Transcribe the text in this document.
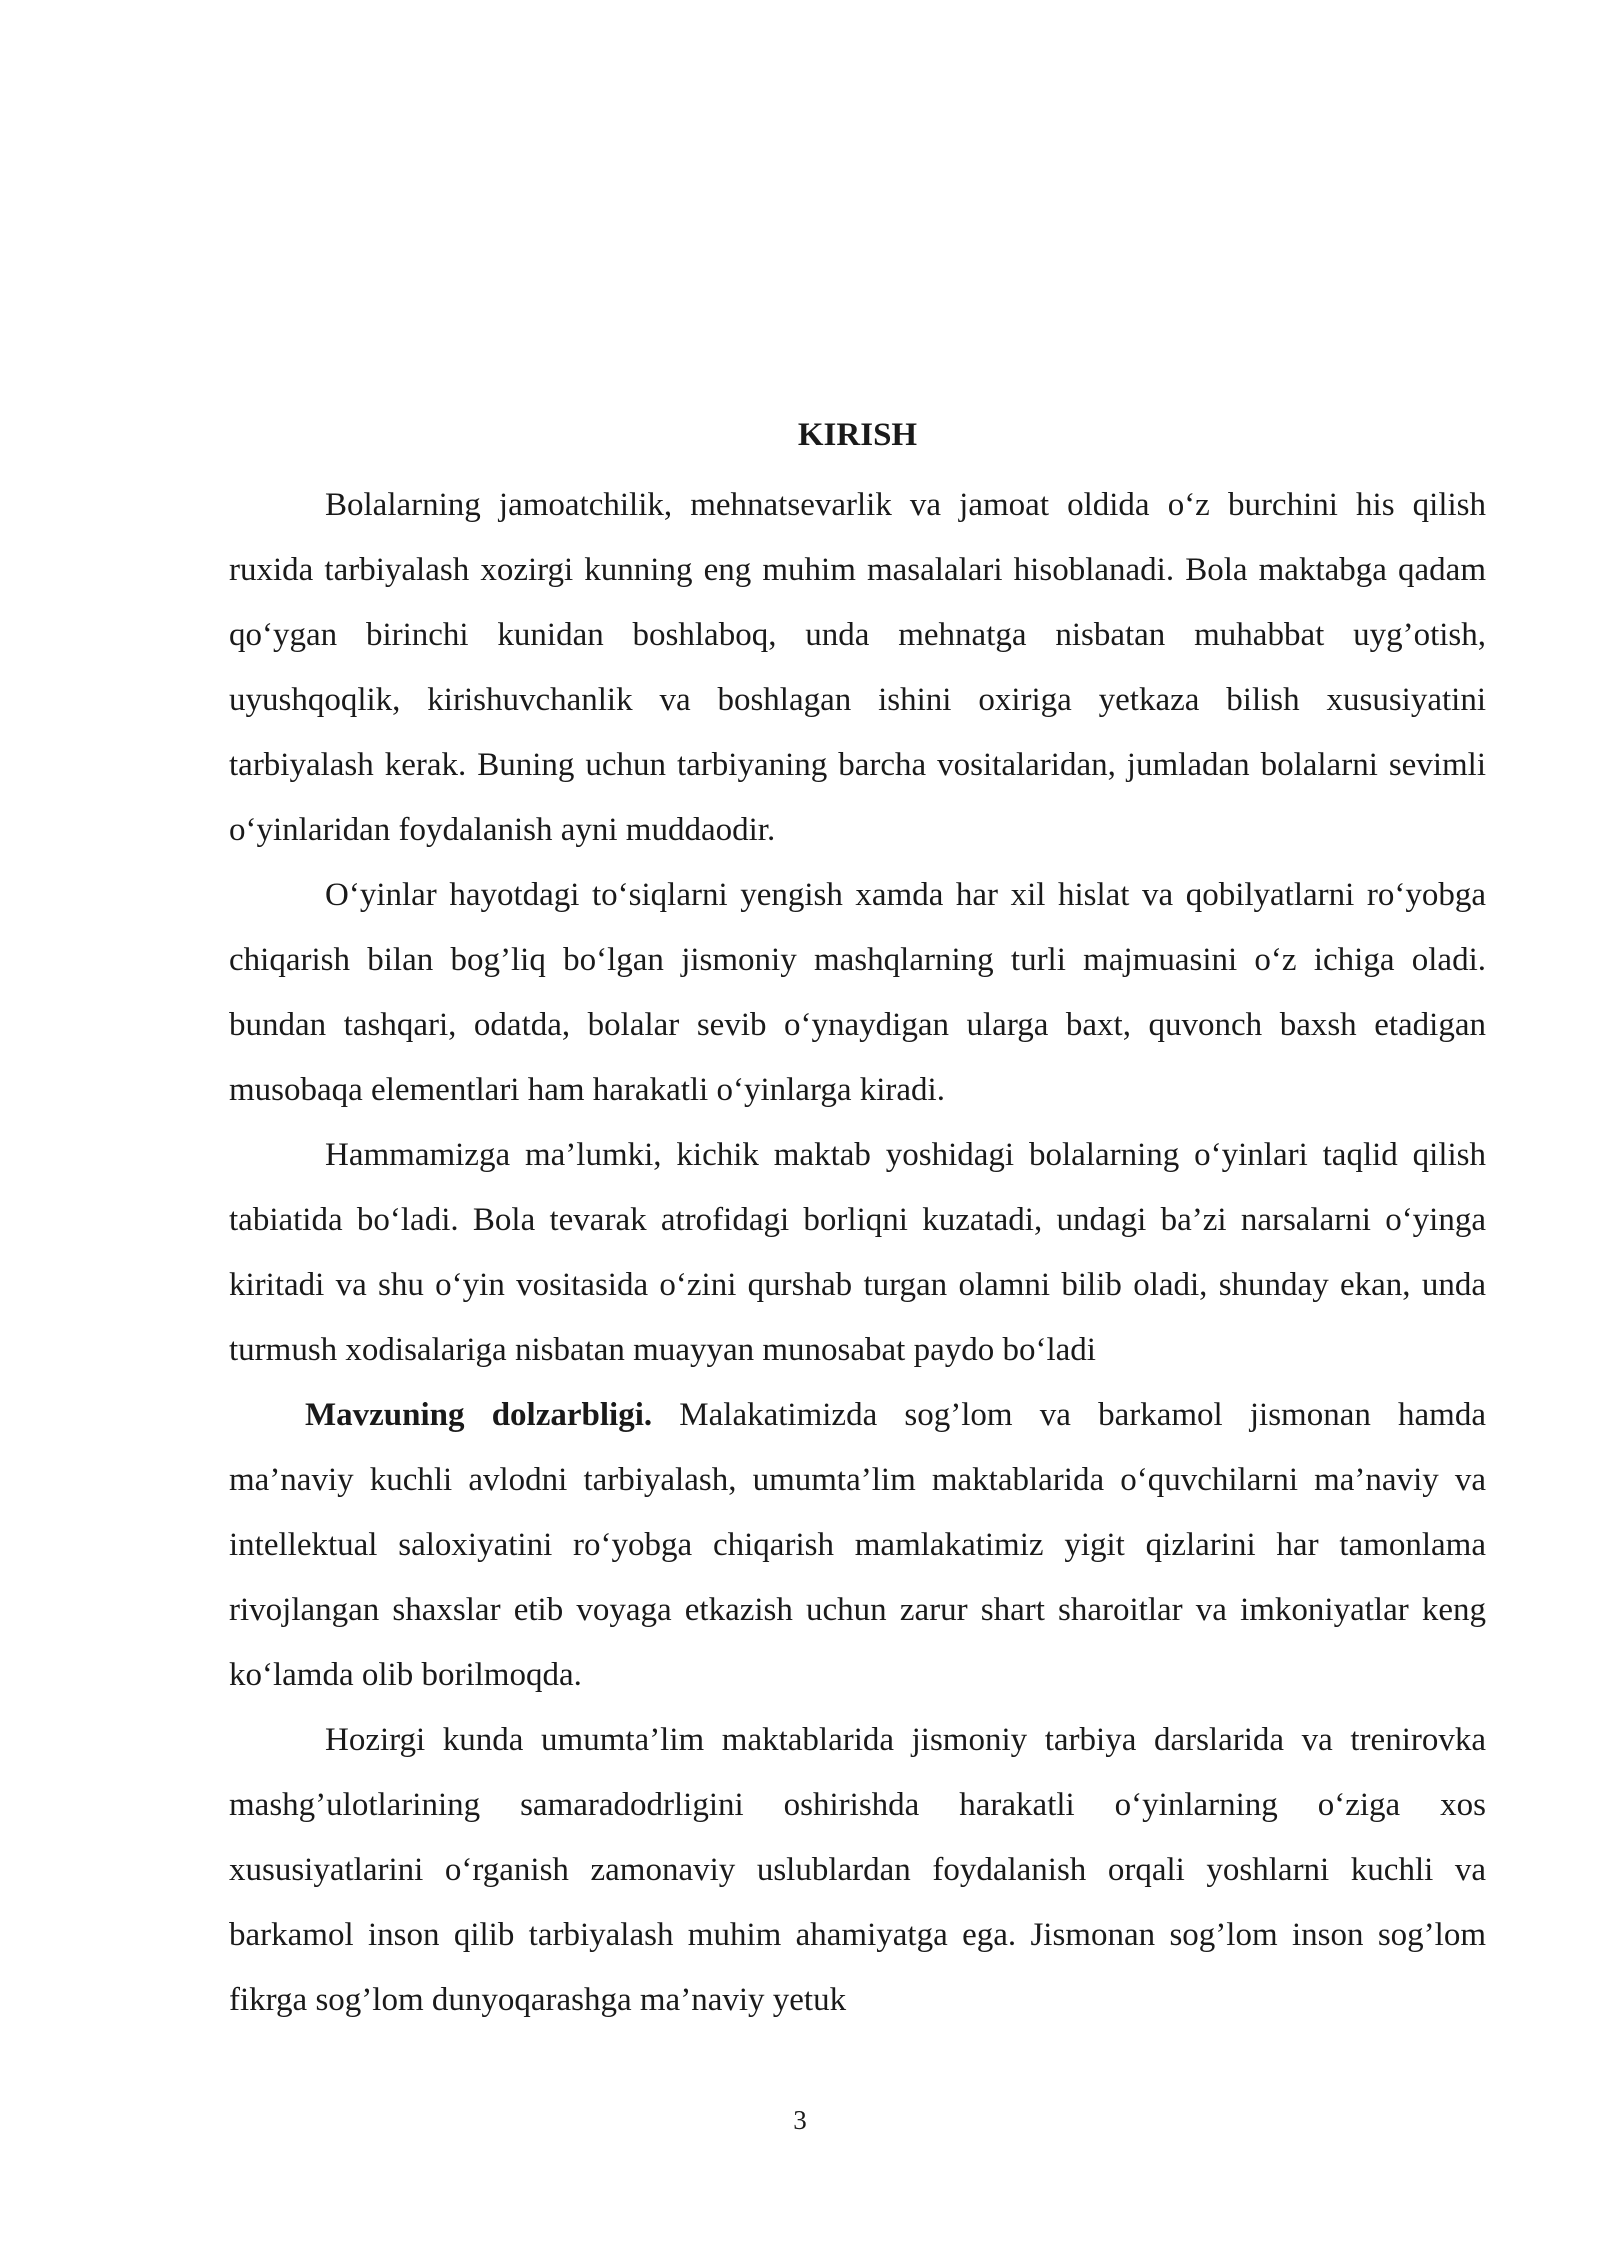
KIRISH

Bolalarning jamoatchilik, mehnatsevarlik va jamoat oldida o‘z burchini his qilish ruxida tarbiyalash xozirgi kunning eng muhim masalalari hisoblanadi. Bola maktabga qadam qo‘ygan birinchi kunidan boshlaboq, unda mehnatga nisbatan muhabbat uyg’otish, uyushqoqlik, kirishuvchanlik va boshlagan ishini oxiriga yetkaza bilish xususiyatini tarbiyalash kerak. Buning uchun tarbiyaning barcha vositalaridan, jumladan bolalarni sevimli o‘yinlaridan foydalanish ayni muddaodir.

O‘yinlar hayotdagi to‘siqlarni yengish xamda har xil hislat va qobilyatlarni ro‘yobga chiqarish bilan bog’liq bo‘lgan jismoniy mashqlarning turli majmuasini o‘z ichiga oladi. bundan tashqari, odatda, bolalar sevib o‘ynaydigan ularga baxt, quvonch baxsh etadigan musobaqa elementlari ham harakatli o‘yinlarga kiradi.

Hammamizga ma’lumki, kichik maktab yoshidagi bolalarning o‘yinlari taqlid qilish tabiatida bo‘ladi. Bola tevarak atrofidagi borliqni kuzatadi, undagi ba’zi narsalarni o‘yinga kiritadi va shu o‘yin vositasida o‘zini qurshab turgan olamni bilib oladi, shunday ekan, unda turmush xodisalariga nisbatan muayyan munosabat paydo bo‘ladi

Mavzuning dolzarbligi. Malakatimizda sog’lom va barkamol jismonan hamda ma’naviy kuchli avlodni tarbiyalash, umumta’lim maktablarida o‘quvchilarni ma’naviy va intellektual saloxiyatini ro‘yobga chiqarish mamlakatimiz yigit qizlarini har tamonlama rivojlangan shaxslar etib voyaga etkazish uchun zarur shart sharoitlar va imkoniyatlar keng ko‘lamda olib borilmoqda.

Hozirgi kunda umumta’lim maktablarida jismoniy tarbiya darslarida va trenirovka mashg’ulotlarining samaradodrligini oshirishda harakatli o‘yinlarning o‘ziga xos xususiyatlarini o‘rganish zamonaviy uslublardan foydalanish orqali yoshlarni kuchli va barkamol inson qilib tarbiyalash muhim ahamiyatga ega. Jismonan sog’lom inson sog’lom fikrga sog’lom dunyoqarashga ma’naviy yetuk

3
